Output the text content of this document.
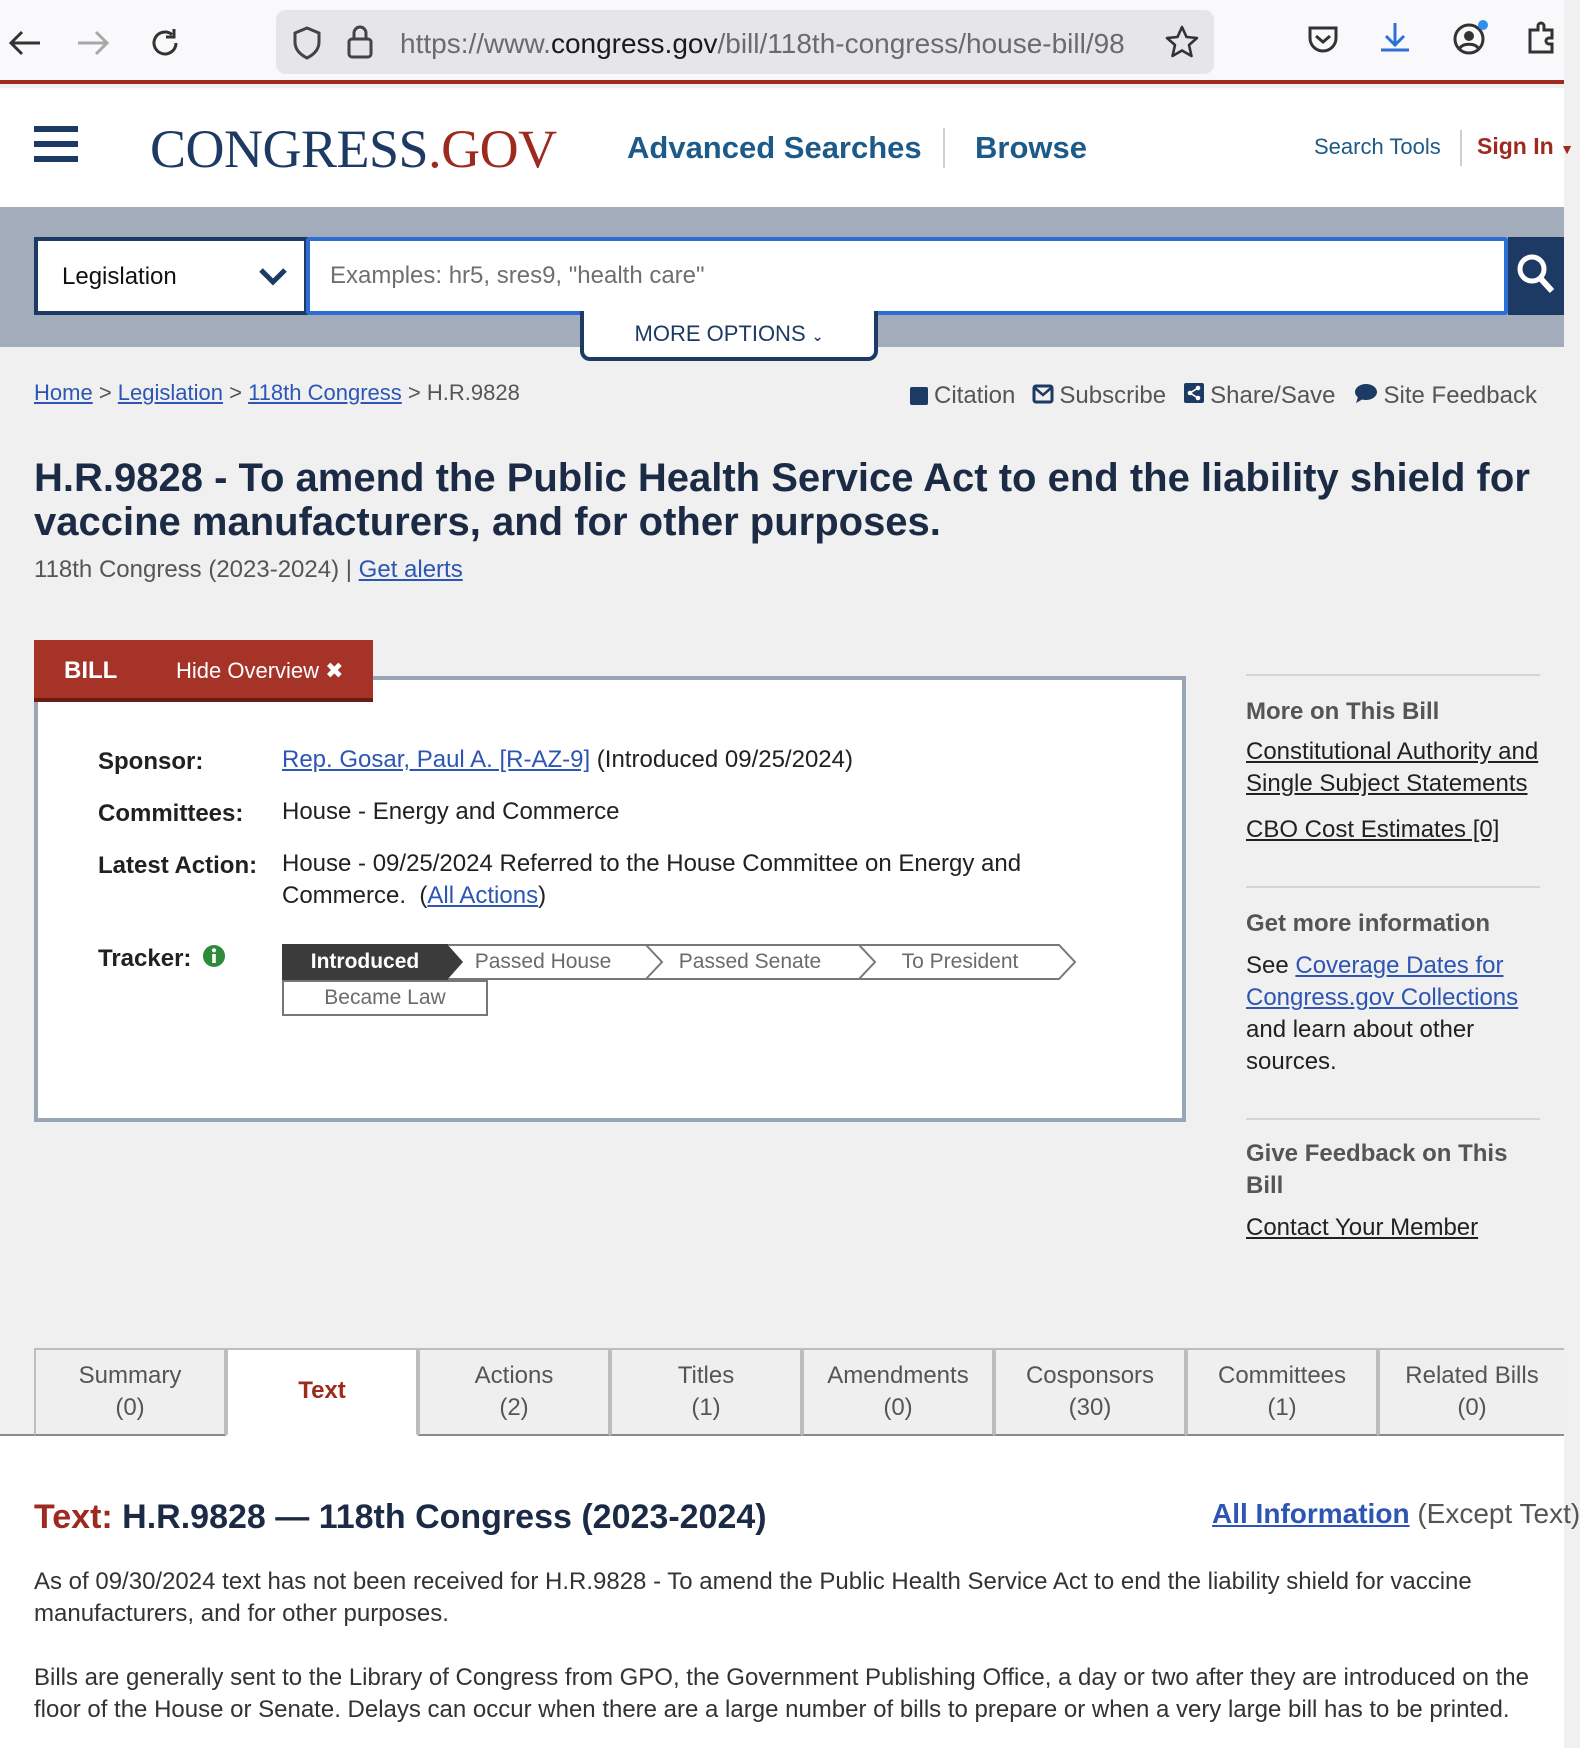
https://www.congress.gov/bill/118th-congress/house-bill/98
CONGRESS.GOV Advanced Searches Browse	Search Tools Sign In ▼
Legislation
Examples: hr5, sres9, "health care"
MORE OPTIONS ⌄
Home > Legislation > 118th Congress > H.R.9828	Citation Subscribe Share/Save Site Feedback
H.R.9828 - To amend the Public Health Service Act to end the liability shield for vaccine manufacturers, and for other purposes.
118th Congress (2023-2024) | Get alerts
Sponsor:	Rep. Gosar, Paul A. [R-AZ-9] (Introduced 09/25/2024)
Committees: House - Energy and Commerce
Latest Action: House - 09/25/2024 Referred to the House Committee on Energy and Commerce.  (All Actions)
Tracker:	Introduced	Passed House	Passed Senate	To President
Became Law
BILL	Hide Overview ✖
More on This Bill
Constitutional Authority and Single Subject Statements
CBO Cost Estimates [0]
Get more information
See Coverage Dates for Congress.gov Collections and learn about other sources.
Give Feedback on This Bill
Contact Your Member
Summary
(0)
Text
Actions
(2)
Titles
(1)
Amendments
(0)
Cosponsors
(30)
Committees
(1)
Related Bills
(0)
Text: H.R.9828 — 118th Congress (2023-2024)	All Information (Except Text)

As of 09/30/2024 text has not been received for H.R.9828 - To amend the Public Health Service Act to end the liability shield for vaccine manufacturers, and for other purposes.

Bills are generally sent to the Library of Congress from GPO, the Government Publishing Office, a day or two after they are introduced on the floor of the House or Senate. Delays can occur when there are a large number of bills to prepare or when a very large bill has to be printed.
